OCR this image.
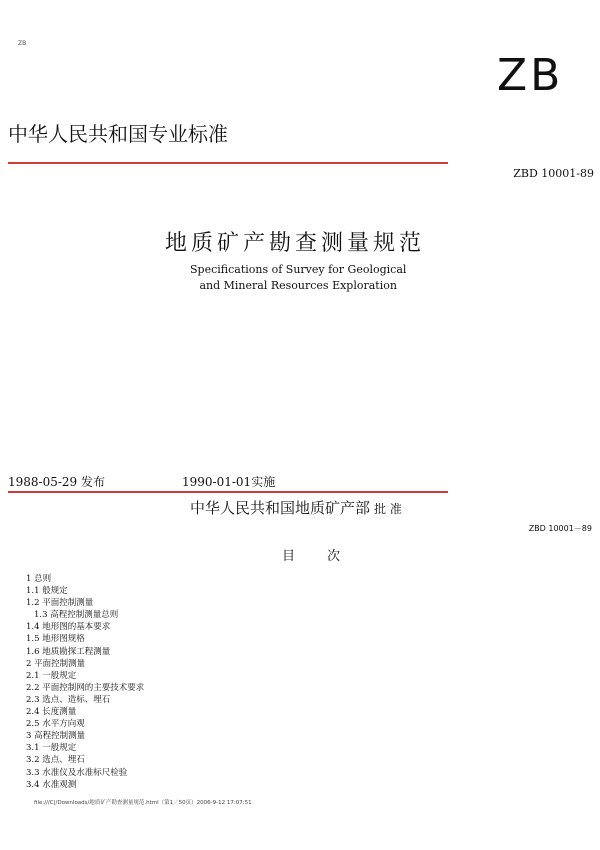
ZB
ZB
中华人民共和国专业标准
ZBD 10001-89
地质矿产勘查测量规范
Specifications of Survey for Geological
and Mineral Resources Exploration
1988-05-29 发布	1990-01-01实施
中华人民共和国地质矿产部 批 准
ZBD 10001－89
目 次
1 总则
1.1 般规定
1.2 平面控制测量
1.3 高程控制测量总则
1.4 地形图的基本要求
1.5 地形图规格
1.6 地质勘探工程测量
2 平面控制测量
2.1 一般规定
2.2 平面控制网的主要技术要求
2.3 选点、造标、埋石
2.4 长度测量
2.5 水平方向观
3 高程控制测量
3.1 一般规定
3.2 选点、埋石
3.3 水准仪及水准标尺检验
3.4 水准观测
file:///C|/Downloads/地质矿产勘查测量规范.html（第1／50页）2006-9-12 17:07:51
